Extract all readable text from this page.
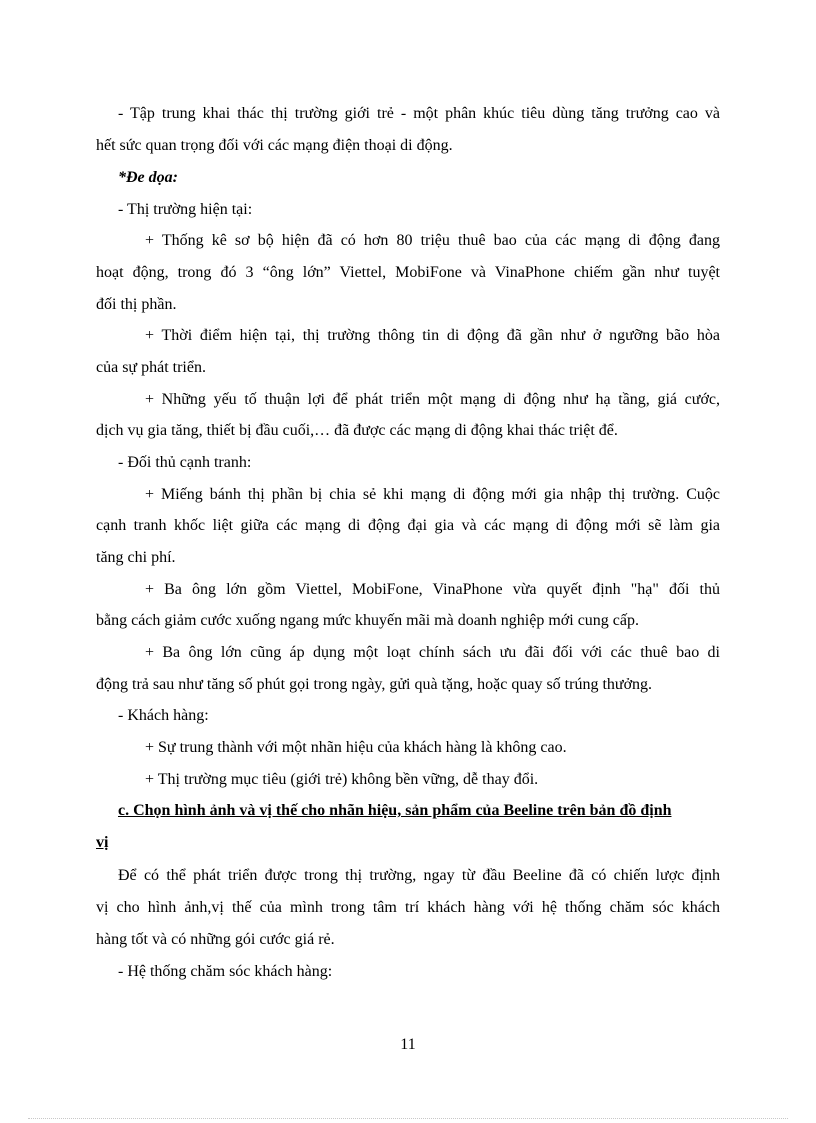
- Tập trung khai thác thị trường giới trẻ - một phân khúc tiêu dùng tăng trưởng cao và
hết sức quan trọng đối với các mạng điện thoại di động.
*Đe dọa:
- Thị trường hiện tại:
+ Thống kê sơ bộ hiện đã có hơn 80 triệu thuê bao của các mạng di động đang
hoạt động, trong đó 3 “ông lớn” Viettel, MobiFone và VinaPhone chiếm gần như tuyệt
đối thị phần.
+ Thời điểm hiện tại, thị trường thông tin di động đã gần như ở ngưỡng bão hòa
của sự phát triển.
+ Những yếu tố thuận lợi để phát triển một mạng di động như hạ tầng, giá cước,
dịch vụ gia tăng, thiết bị đầu cuối,… đã được các mạng di động khai thác triệt để.
- Đối thủ cạnh tranh:
+ Miếng bánh thị phần bị chia sẻ khi mạng di động mới gia nhập thị trường. Cuộc
cạnh tranh khốc liệt giữa các mạng di động đại gia và các mạng di động mới sẽ làm gia
tăng chi phí.
+ Ba ông lớn gồm Viettel, MobiFone, VinaPhone vừa quyết định "hạ" đối thủ
bằng cách giảm cước xuống ngang mức khuyến mãi mà doanh nghiệp mới cung cấp.
+ Ba ông lớn cũng áp dụng một loạt chính sách ưu đãi đối với các thuê bao di
động trả sau như tăng số phút gọi trong ngày, gửi quà tặng, hoặc quay số trúng thưởng.
- Khách hàng:
+ Sự trung thành với một nhãn hiệu của khách hàng là không cao.
+ Thị trường mục tiêu (giới trẻ) không bền vững, dễ thay đổi.
c. Chọn hình ảnh và vị thế cho nhãn hiệu, sản phẩm của Beeline trên bản đồ định
vị
Để có thể phát triển được trong thị trường, ngay từ đầu Beeline đã có chiến lược định
vị cho hình ảnh,vị thế của mình trong tâm trí khách hàng với hệ thống chăm sóc khách
hàng tốt và có những gói cước giá rẻ.
- Hệ thống chăm sóc khách hàng:
11
